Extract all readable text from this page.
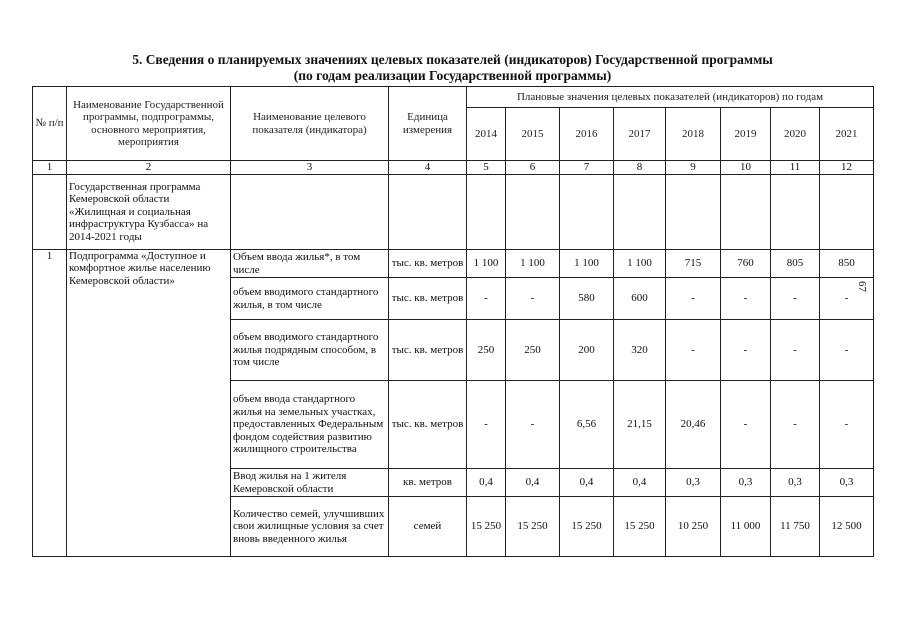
5. Сведения о планируемых значениях целевых показателей (индикаторов) Государственной программы
(по годам реализации Государственной программы)
№ п/п	Наименование Государственной программы, подпрограммы, основного мероприятия, мероприятия	Наименование целевого показателя (индикатора)	Единица измерения	Плановые значения целевых показателей (индикаторов) по годам							
				2014	2015	2016	2017	2018	2019	2020	2021
1	2	3	4	5	6	7	8	9	10	11	12
	Государственная программа Кемеровской области «Жилищная и социальная инфраструктура Кузбасса» на 2014-2021 годы										
1	Подпрограмма «Доступное и комфортное жилье населению Кемеровской области»	Объем ввода жилья*, в том числе	тыс. кв. метров	1 100	1 100	1 100	1 100	715	760	805	850
		объем вводимого стандартного жилья, в том числе	тыс. кв. метров	-	-	580	600	-	-	-	-
		объем вводимого стандартного жилья подрядным способом, в том числе	тыс. кв. метров	250	250	200	320	-	-	-	-
		объем ввода стандартного жилья на земельных участках, предоставленных Федеральным фондом содействия развитию жилищного строительства	тыс. кв. метров	-	-	6,56	21,15	20,46	-	-	-
		Ввод жилья на 1 жителя Кемеровской области	кв. метров	0,4	0,4	0,4	0,4	0,3	0,3	0,3	0,3
		Количество семей, улучшивших свои жилищные условия за счет вновь введенного жилья	семей	15 250	15 250	15 250	15 250	10 250	11 000	11 750	12 500
67
